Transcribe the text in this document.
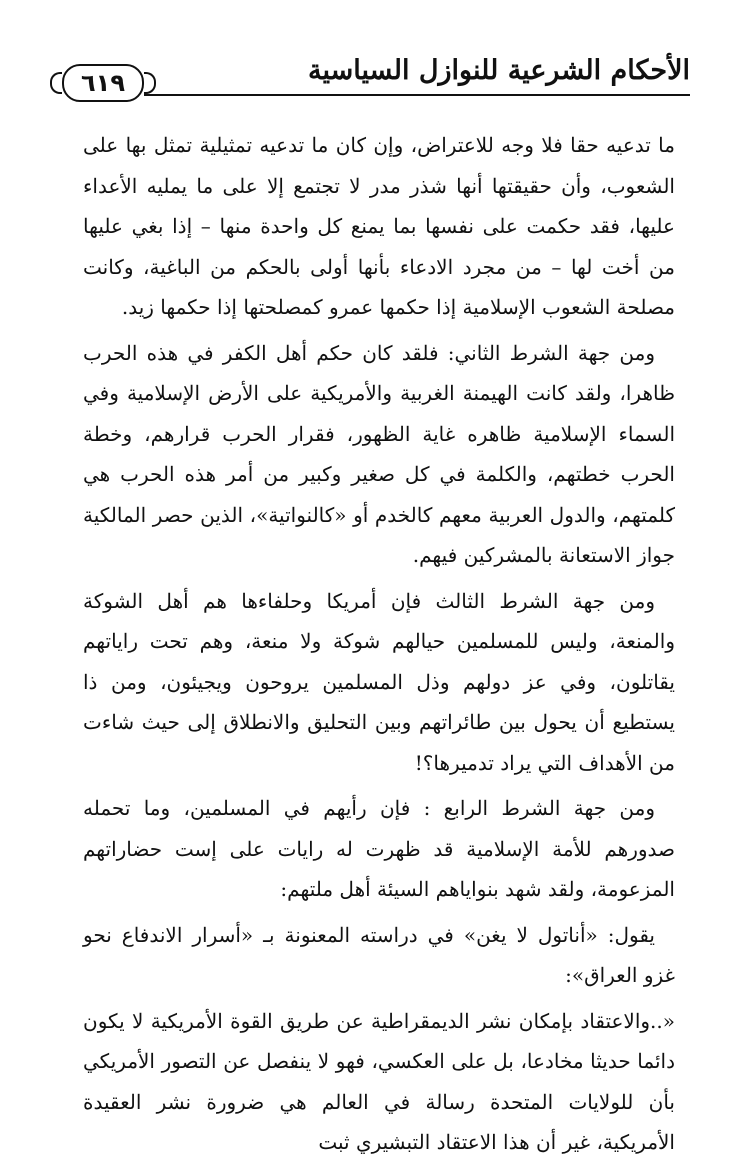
٦١٩	الأحكام الشرعية للنوازل السياسية

ما تدعيه حقا فلا وجه للاعتراض، وإن كان ما تدعيه تمثيلية تمثل بها على الشعوب، وأن حقيقتها أنها شذر مدر لا تجتمع إلا على ما يمليه الأعداء عليها، فقد حكمت على نفسها بما يمنع كل واحدة منها – إذا بغي عليها من أخت لها – من مجرد الادعاء بأنها أولى بالحكم من الباغية، وكانت مصلحة الشعوب الإسلامية إذا حكمها عمرو كمصلحتها إذا حكمها زيد.

ومن جهة الشرط الثاني: فلقد كان حكم أهل الكفر في هذه الحرب ظاهرا، ولقد كانت الهيمنة الغربية والأمريكية على الأرض الإسلامية وفي السماء الإسلامية ظاهره غاية الظهور، فقرار الحرب قرارهم، وخطة الحرب خطتهم، والكلمة في كل صغير وكبير من أمر هذه الحرب هي كلمتهم، والدول العربية معهم كالخدم أو «كالنواتية»، الذين حصر المالكية جواز الاستعانة بالمشركين فيهم.

ومن جهة الشرط الثالث فإن أمريكا وحلفاءها هم أهل الشوكة والمنعة، وليس للمسلمين حيالهم شوكة ولا منعة، وهم تحت راياتهم يقاتلون، وفي عز دولهم وذل المسلمين يروحون ويجيئون، ومن ذا يستطيع أن يحول بين طائراتهم وبين التحليق والانطلاق إلى حيث شاءت من الأهداف التي يراد تدميرها؟!

ومن جهة الشرط الرابع : فإن رأيهم في المسلمين، وما تحمله صدورهم للأمة الإسلامية قد ظهرت له رايات على إست حضاراتهم المزعومة، ولقد شهد بنواياهم السيئة أهل ملتهم:

يقول: «أناتول لا يغن» في دراسته المعنونة بـ «أسرار الاندفاع نحو غزو العراق»:

«..والاعتقاد بإمكان نشر الديمقراطية عن طريق القوة الأمريكية لا يكون دائما حديثا مخادعا، بل على العكسي، فهو لا ينفصل عن التصور الأمريكي بأن للولايات المتحدة رسالة في العالم هي ضرورة نشر العقيدة الأمريكية، غير أن هذا الاعتقاد التبشيري ثبت
